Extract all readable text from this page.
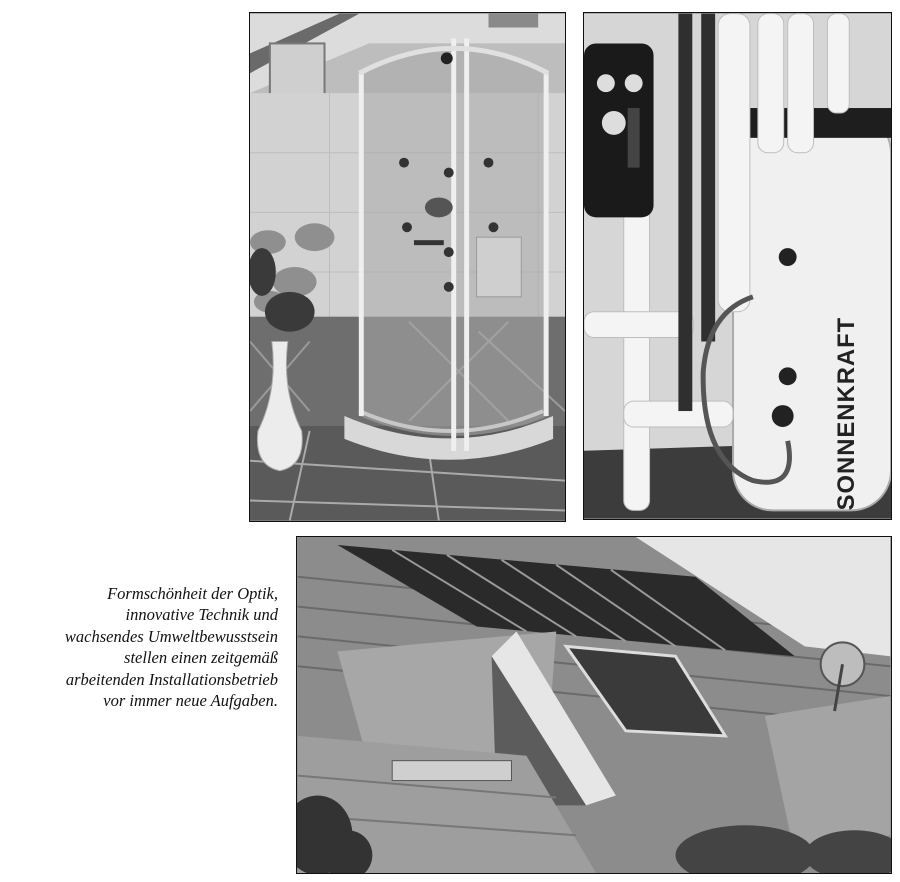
SONNENKRAFT
Formschönheit der Optik,
innovative Technik und
wachsendes Umweltbewusstsein
stellen einen zeitgemäß
arbeitenden Installationsbetrieb
vor immer neue Aufgaben.
